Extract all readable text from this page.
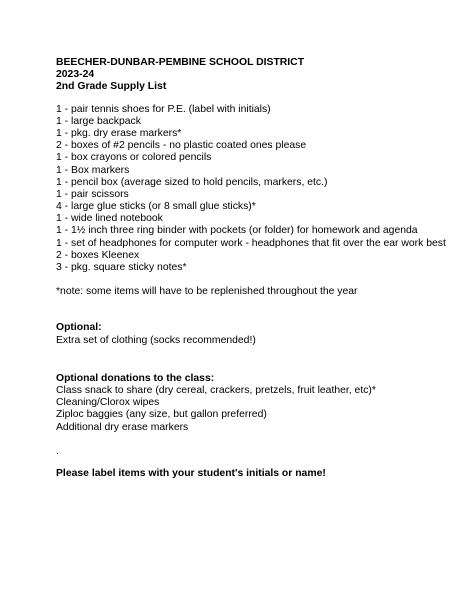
BEECHER-DUNBAR-PEMBINE SCHOOL DISTRICT
2023-24
2nd Grade Supply List
1 - pair tennis shoes for P.E. (label with initials)
1 - large backpack
1 - pkg. dry erase markers*
2 - boxes of #2 pencils - no plastic coated ones please
1 - box crayons or colored pencils
1 - Box markers
1 - pencil box (average sized to hold pencils, markers, etc.)
1 - pair scissors
4 - large glue sticks (or 8 small glue sticks)*
1 - wide lined notebook
1 - 1½ inch three ring binder with pockets (or folder) for homework and agenda
1 - set of headphones for computer work - headphones that fit over the ear work best
2 - boxes Kleenex
3 - pkg. square sticky notes*
*note: some items will have to be replenished throughout the year
Optional:
Extra set of clothing (socks recommended!)
Optional donations to the class:
Class snack to share (dry cereal, crackers, pretzels, fruit leather, etc)*
Cleaning/Clorox wipes
Ziploc baggies (any size, but gallon preferred)
Additional dry erase markers
.
Please label items with your student's initials or name!
